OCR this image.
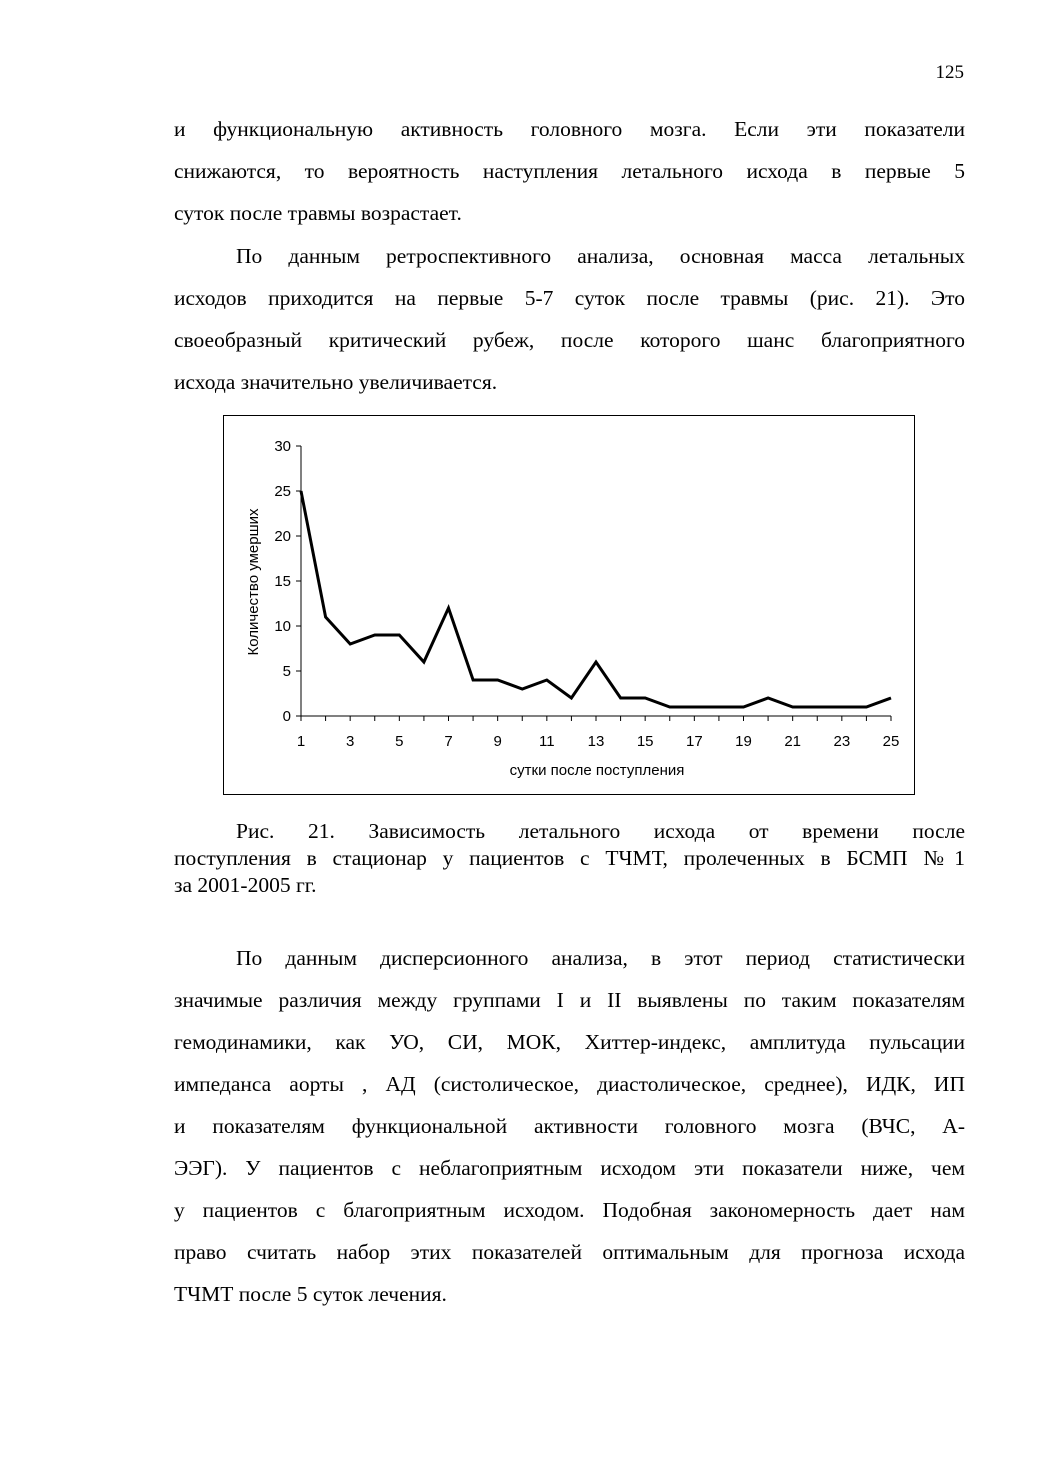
125
и функциональную активность головного мозга. Если эти показатели
снижаются, то вероятность наступления летального исхода в первые 5
суток после травмы возрастает.
По данным ретроспективного анализа, основная масса летальных
исходов приходится на первые 5-7 суток после травмы (рис. 21). Это
своеобразный критический рубеж, после которого шанс благоприятного
исхода значительно увеличивается.
0
5
10
15
20
25
30
1	3	5	7	9 11 13 15 17 19 21 23 25
сутки после поступления
Количество умерших
Рис. 21. Зависимость летального исхода от времени после
поступления в стационар у пациентов с ТЧМТ, пролеченных в БСМП №1
за 2001-2005 гг.
По данным дисперсионного анализа, в этот период статистически
значимые различия между группами I и II выявлены по таким показателям
гемодинамики, как УО, СИ, МОК, Хиттер-индекс, амплитуда пульсации
импеданса аорты , АД (систолическое, диастолическое, среднее), ИДК, ИП
и показателям функциональной активности головного мозга (ВЧС, А-
ЭЭГ). У пациентов с неблагоприятным исходом эти показатели ниже, чем
у пациентов с благоприятным исходом. Подобная закономерность дает нам
право считать набор этих показателей оптимальным для прогноза исхода
ТЧМТ после 5 суток лечения.
